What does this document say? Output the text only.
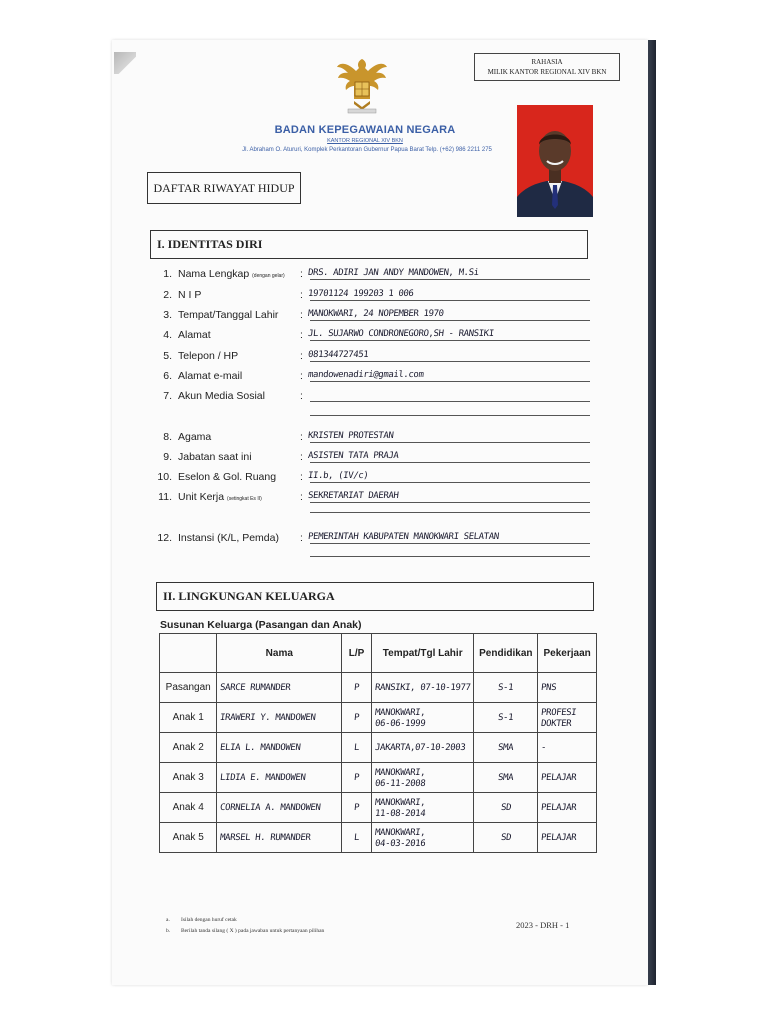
RAHASIA
MILIK KANTOR REGIONAL XIV BKN
BADAN KEPEGAWAIAN NEGARA
KANTOR REGIONAL XIV BKN
Jl. Abraham O. Atururi, Komplek Perkantoran Gubernur Papua Barat Telp. (+62) 986 2211 275
DAFTAR RIWAYAT HIDUP
I. IDENTITAS DIRI
1. Nama Lengkap (dengan gelar) : DRS. ADIRI JAN ANDY MANDOWEN, M.Si
2. N I P	: 19701124 199203 1 006
3. Tempat/Tanggal Lahir : MANOKWARI, 24 NOPEMBER 1970
4. Alamat	: JL. SUJARWO CONDRONEGORO,SH - RANSIKI
5. Telepon / HP	: 081344727451
6. Alamat e-mail	: mandowenadiri@gmail.com
7. Akun Media Sosial	:
8. Agama	: KRISTEN PROTESTAN
9. Jabatan saat ini	: ASISTEN TATA PRAJA
10. Eselon & Gol. Ruang : II.b, (IV/c)
11. Unit Kerja (setingkat Es II)	: SEKRETARIAT DAERAH
12. Instansi (K/L, Pemda) : PEMERINTAH KABUPATEN MANOKWARI SELATAN
II. LINGKUNGAN KELUARGA
Susunan Keluarga (Pasangan dan Anak)
	Nama	L/P	Tempat/Tgl Lahir	Pendidikan	Pekerjaan
Pasangan	SARCE RUMANDER	P	RANSIKI, 07-10-1977	S-1	PNS
Anak 1	IRAWERI Y. MANDOWEN	P	MANOKWARI,06-06-1999	S-1	PROFESIDOKTER
Anak 2	ELIA L. MANDOWEN	L	JAKARTA,07-10-2003	SMA	-
Anak 3	LIDIA E. MANDOWEN	P	MANOKWARI,06-11-2008	SMA	PELAJAR
Anak 4	CORNELIA A. MANDOWEN	P	MANOKWARI,11-08-2014	SD	PELAJAR
Anak 5	MARSEL H. RUMANDER	L	MANOKWARI,04-03-2016	SD	PELAJAR
a. Isilah dengan huruf cetak
b. Berilah tanda silang ( X ) pada jawaban untuk pertanyaan pilihan
2023 - DRH - 1
